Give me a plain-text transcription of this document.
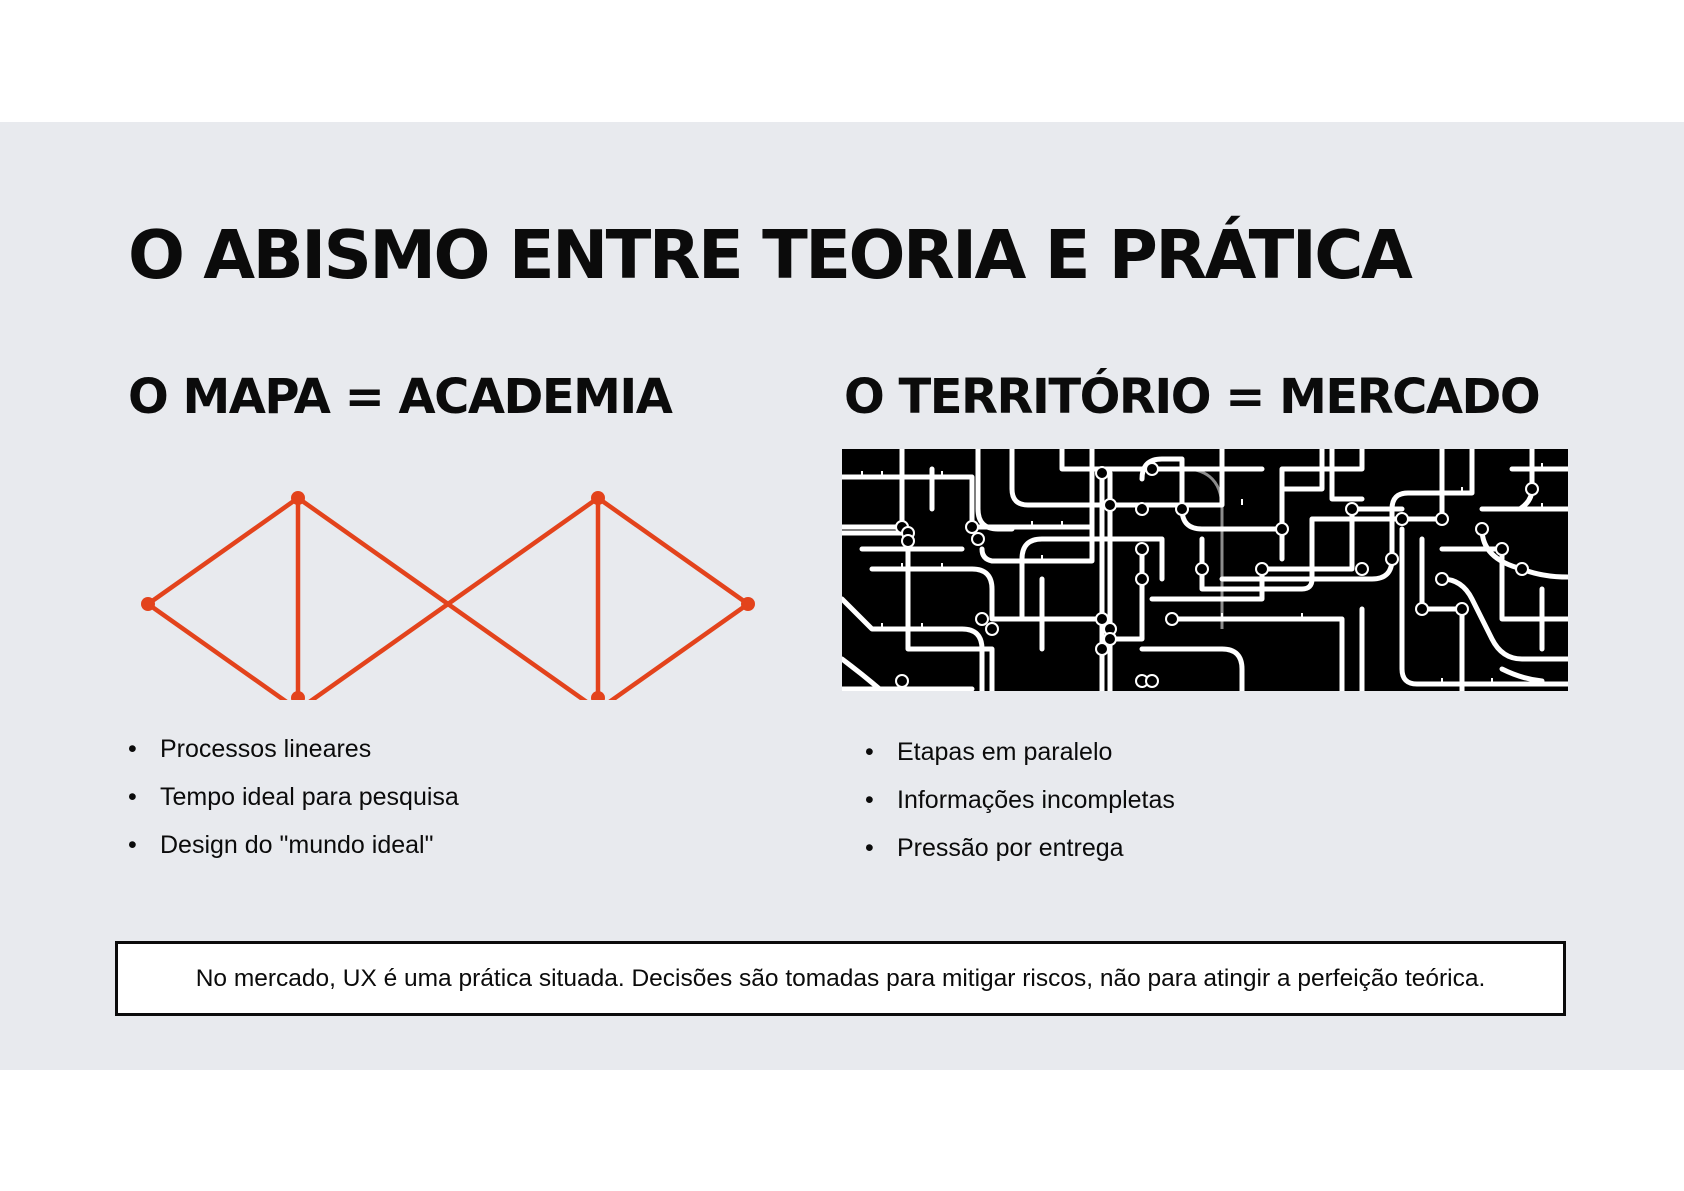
O ABISMO ENTRE TEORIA E PRÁTICA
O MAPA = ACADEMIA	O TERRITÓRIO = MERCADO
• Processos lineares
• Tempo ideal para pesquisa
• Design do "mundo ideal"
• Etapas em paralelo
• Informações incompletas
• Pressão por entrega
No mercado, UX é uma prática situada. Decisões são tomadas para mitigar riscos, não para atingir a perfeição teórica.
